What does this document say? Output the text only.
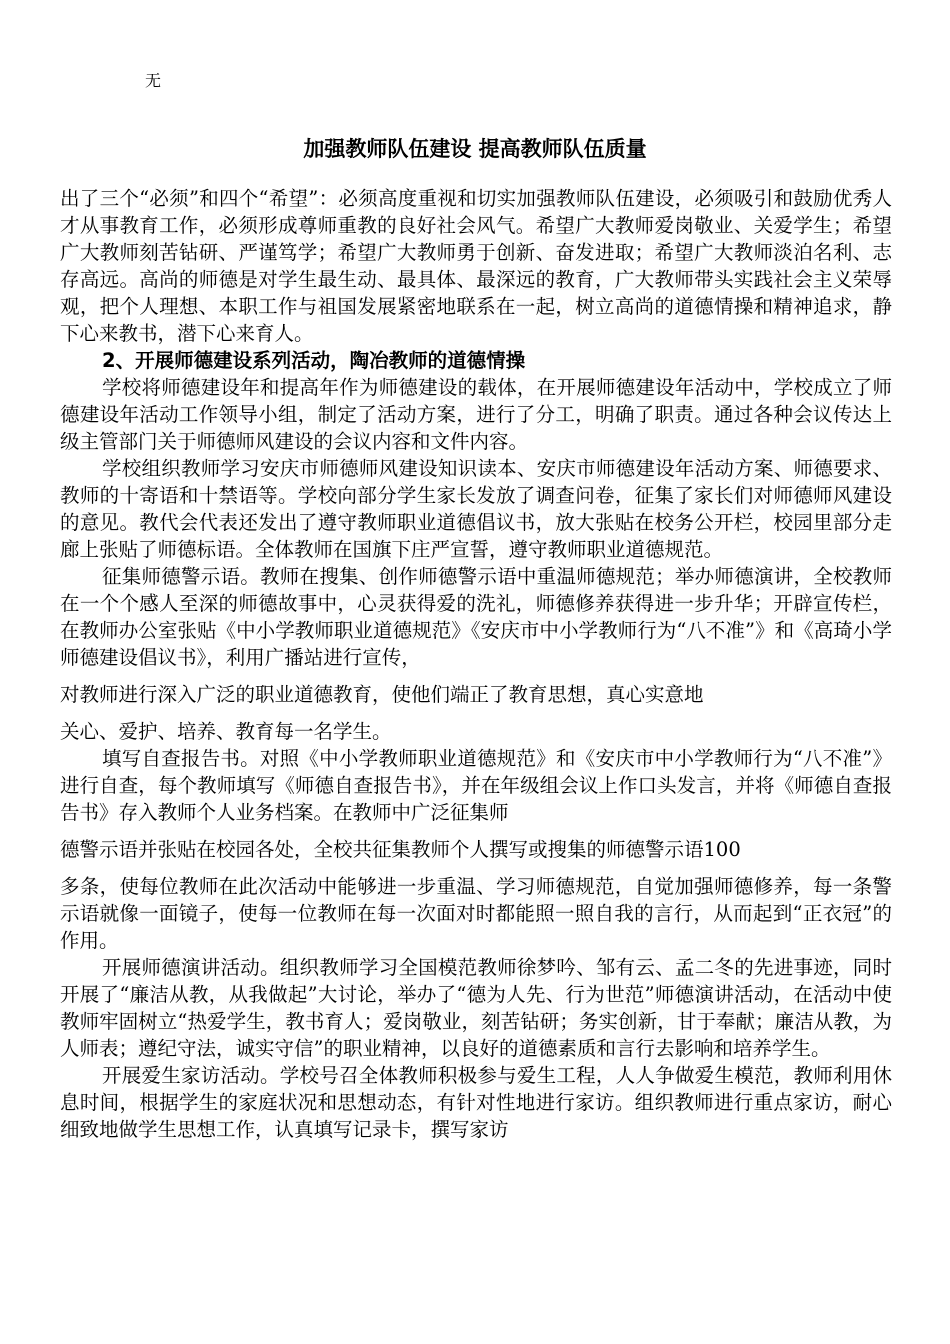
无
加强教师队伍建设 提高教师队伍质量

出了三个“必须”和四个“希望”：必须高度重视和切实加强教师队伍建设，必须吸引和鼓励优秀人才从事教育工作，必须形成尊师重教的良好社会风气。希望广大教师爱岗敬业、关爱学生；希望广大教师刻苦钻研、严谨笃学；希望广大教师勇于创新、奋发进取；希望广大教师淡泊名利、志存高远。高尚的师德是对学生最生动、最具体、最深远的教育，广大教师带头实践社会主义荣辱观，把个人理想、本职工作与祖国发展紧密地联系在一起，树立高尚的道德情操和精神追求，静下心来教书，潜下心来育人。

2、开展师德建设系列活动，陶冶教师的道德情操

学校将师德建设年和提高年作为师德建设的载体，在开展师德建设年活动中，学校成立了师德建设年活动工作领导小组，制定了活动方案，进行了分工，明确了职责。通过各种会议传达上级主管部门关于师德师风建设的会议内容和文件内容。

学校组织教师学习安庆市师德师风建设知识读本、安庆市师德建设年活动方案、师德要求、教师的十寄语和十禁语等。学校向部分学生家长发放了调查问卷，征集了家长们对师德师风建设的意见。教代会代表还发出了遵守教师职业道德倡议书，放大张贴在校务公开栏，校园里部分走廊上张贴了师德标语。全体教师在国旗下庄严宣誓，遵守教师职业道德规范。

征集师德警示语。教师在搜集、创作师德警示语中重温师德规范；举办师德演讲，全校教师在一个个感人至深的师德故事中，心灵获得爱的洗礼，师德修养获得进一步升华；开辟宣传栏，在教师办公室张贴《中小学教师职业道德规范》《安庆市中小学教师行为“八不准”》和《高琦小学师德建设倡议书》，利用广播站进行宣传，

对教师进行深入广泛的职业道德教育，使他们端正了教育思想，真心实意地

关心、爱护、培养、教育每一名学生。

填写自查报告书。对照《中小学教师职业道德规范》和《安庆市中小学教师行为“八不准”》进行自查，每个教师填写《师德自查报告书》，并在年级组会议上作口头发言，并将《师德自查报告书》存入教师个人业务档案。在教师中广泛征集师

德警示语并张贴在校园各处，全校共征集教师个人撰写或搜集的师德警示语100

多条，使每位教师在此次活动中能够进一步重温、学习师德规范，自觉加强师德修养，每一条警示语就像一面镜子，使每一位教师在每一次面对时都能照一照自我的言行，从而起到“正衣冠”的作用。

开展师德演讲活动。组织教师学习全国模范教师徐梦吟、邹有云、孟二冬的先进事迹，同时开展了“廉洁从教，从我做起”大讨论，举办了“德为人先、行为世范”师德演讲活动，在活动中使教师牢固树立“热爱学生，教书育人；爱岗敬业，刻苦钻研；务实创新，甘于奉献；廉洁从教，为人师表；遵纪守法，诚实守信”的职业精神，以良好的道德素质和言行去影响和培养学生。

开展爱生家访活动。学校号召全体教师积极参与爱生工程，人人争做爱生模范，教师利用休息时间，根据学生的家庭状况和思想动态，有针对性地进行家访。组织教师进行重点家访，耐心细致地做学生思想工作，认真填写记录卡，撰写家访
